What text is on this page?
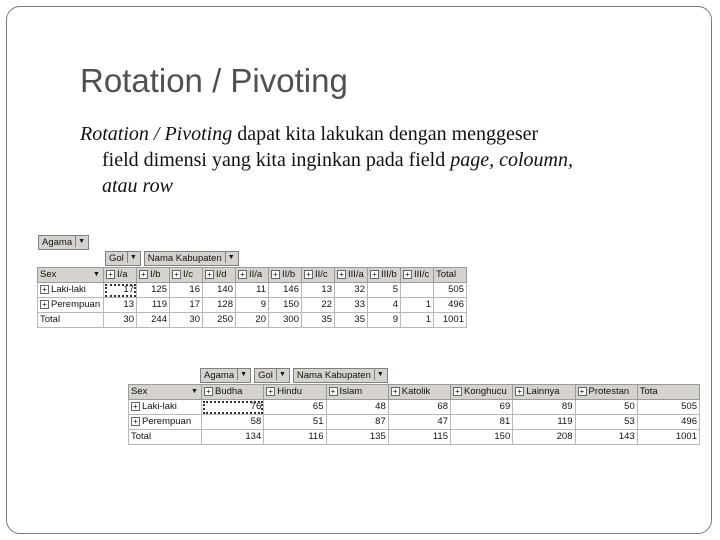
Rotation / Pivoting

Rotation / Pivoting dapat kita lakukan dengan menggeser
field dimensi yang kita inginkan pada field page, coloumn,
atau row

Agama ▼
Gol ▼ Nama Kabupaten ▼
Sex ▼	+ I/a	+ I/b	+ I/c	+ I/d	+ II/a	+ II/b	+ II/c	+ III/a	+ III/b	+ III/c	Total
+ Laki-laki	17	125	16	140	11	146	13	32	5		505
+ Perempuan	13	119	17	128	9	150	22	33	4	1	496
Total	30	244	30	250	20	300	35	35	9	1	1001
Agama ▼ Gol ▼ Nama Kabupaten ▼
Sex ▼	+ Budha	+ Hindu	+ Islam	+ Katolik	+ Konghucu	+ Lainnya	+ Protestan	Tota
+ Laki-laki	76	65	48	68	69	89	50	505
+ Perempuan	58	51	87	47	81	119	53	496
Total	134	116	135	115	150	208	143	1001
